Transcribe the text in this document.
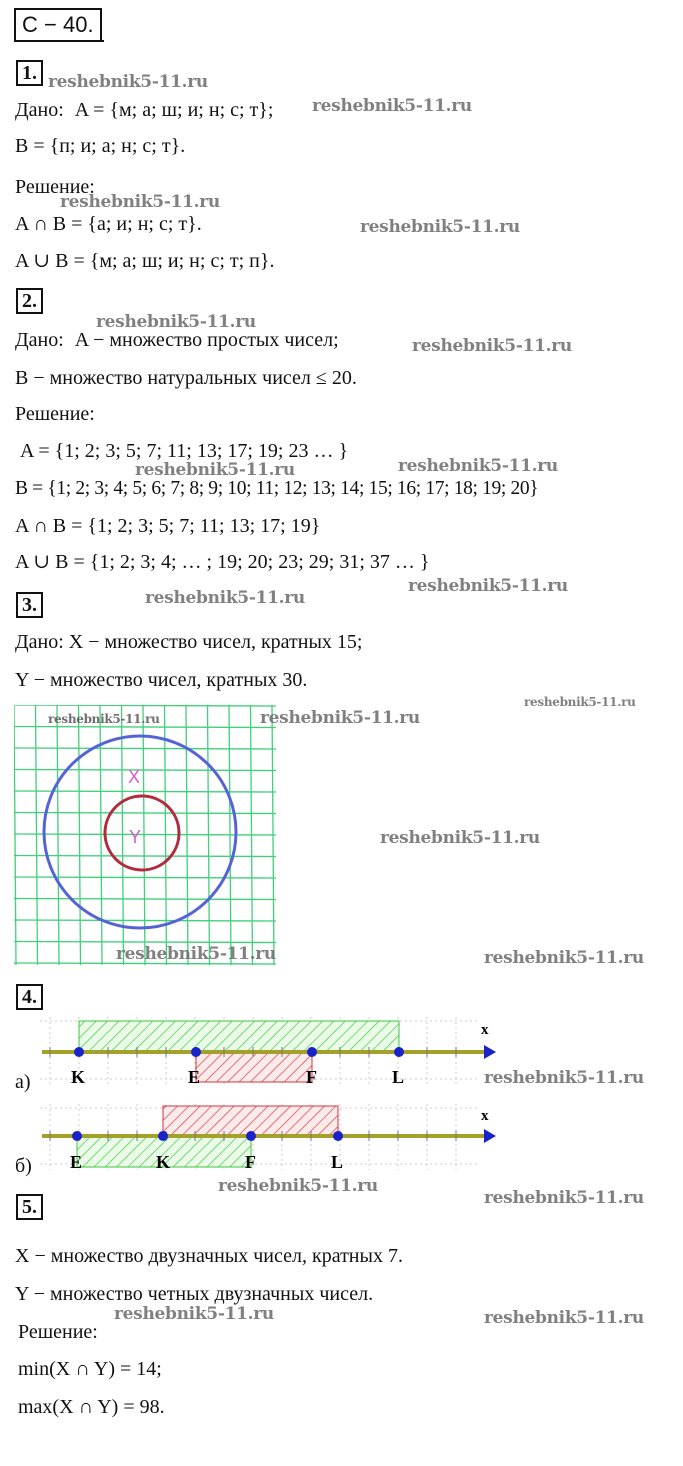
С − 40.
1. reshebnik5-11.ru
Дано: A = {м; а; ш; и; н; с; т}; reshebnik5-11.ru
B = {п; и; а; н; с; т}.
Решение:
reshebnik5-11.ru
A ∩ B = {а; и; н; с; т}.	reshebnik5-11.ru
A ∪ B = {м; а; ш; и; н; с; т; п}.
2.
reshebnik5-11.ru
Дано: A − множество простых чисел;	reshebnik5-11.ru
B − множество натуральных чисел ≤ 20.
Решение:
A = {1; 2; 3; 5; 7; 11; 13; 17; 19; 23 … }
reshebnik5-11.ru	reshebnik5-11.ru
B = {1; 2; 3; 4; 5; 6; 7; 8; 9; 10; 11; 12; 13; 14; 15; 16; 17; 18; 19; 20}
A ∩ B = {1; 2; 3; 5; 7; 11; 13; 17; 19}
A ∪ B = {1; 2; 3; 4; … ; 19; 20; 23; 29; 31; 37 … }
reshebnik5-11.ru
3.	reshebnik5-11.ru
Дано: X − множество чисел, кратных 15;
Y − множество чисел, кратных 30.
reshebnik5-11.ru
X
Y
reshebnik5-11.ru	reshebnik5-11.ru
reshebnik5-11.ru
reshebnik5-11.ru	reshebnik5-11.ru
4.
x
K	E	F	L
а)	reshebnik5-11.ru
x
E	K	F	L
б)
reshebnik5-11.ru
5.	reshebnik5-11.ru
X − множество двузначных чисел, кратных 7.
Y − множество четных двузначных чисел.
reshebnik5-11.ru	reshebnik5-11.ru
Решение:
min(X ∩ Y) = 14;
max(X ∩ Y) = 98.
